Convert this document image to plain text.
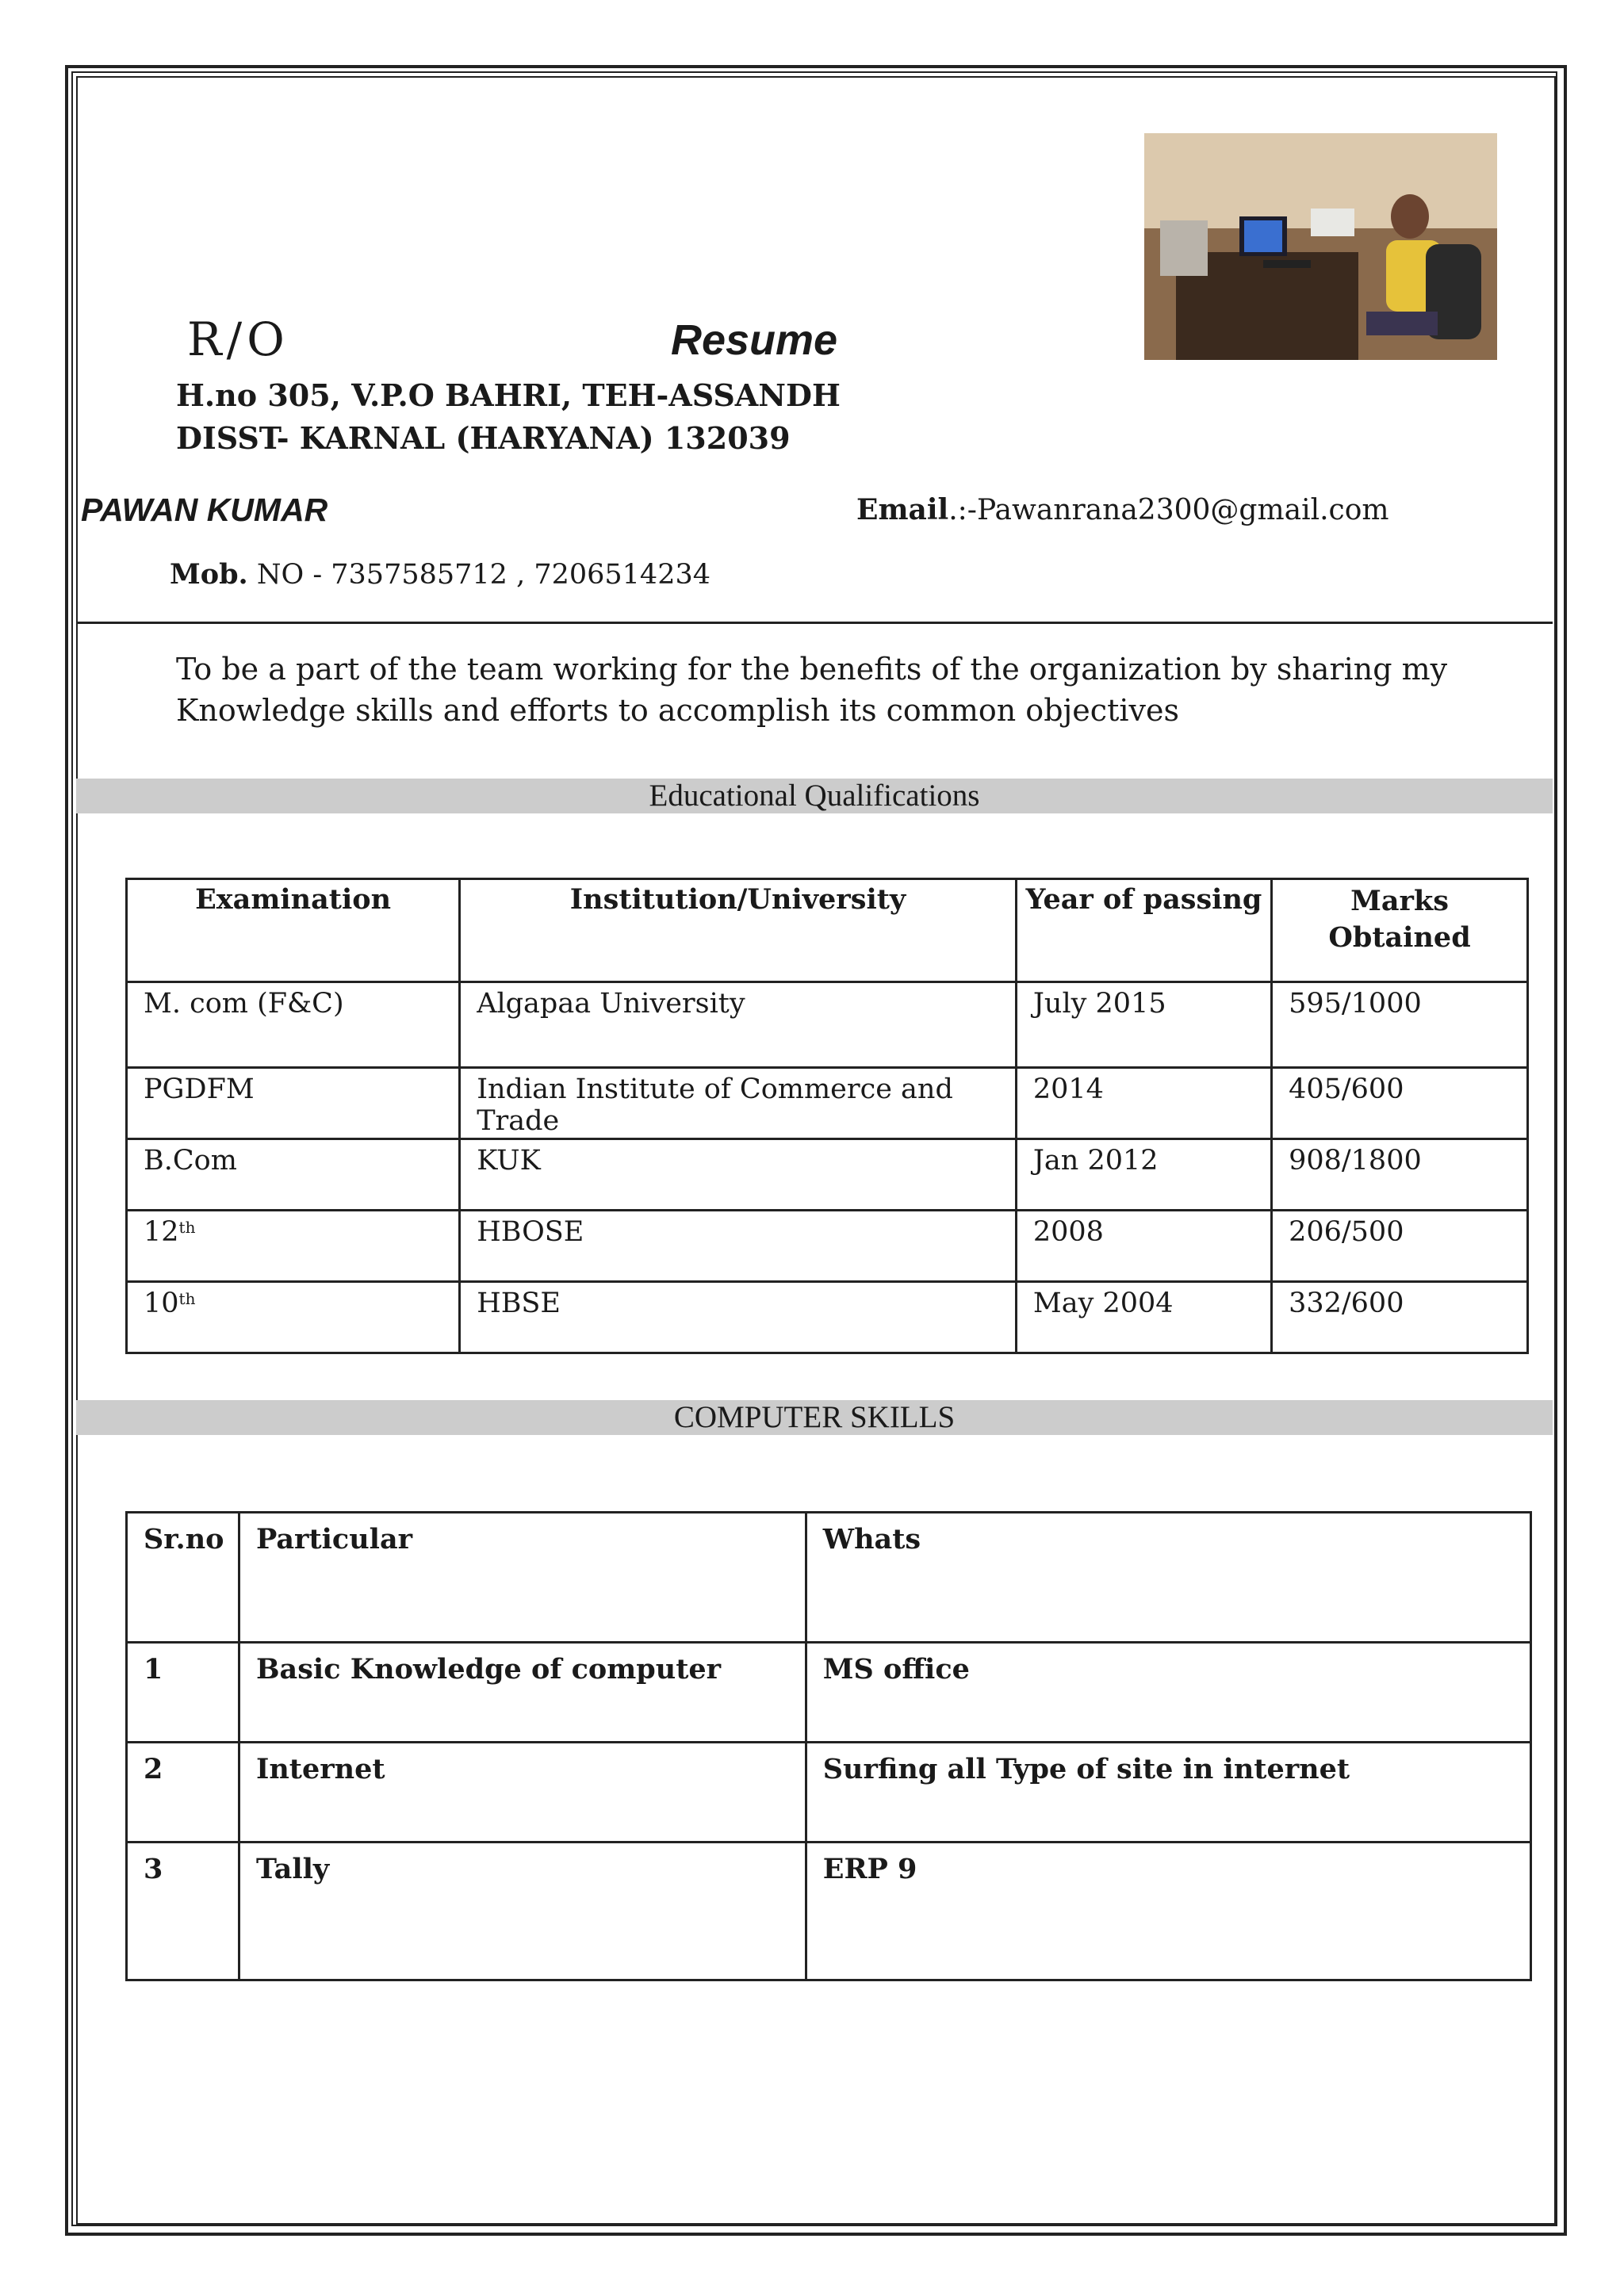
R/O	Resume
H.no 305, V.P.O BAHRI, TEH-ASSANDH
DISST- KARNAL (HARYANA) 132039
PAWAN KUMAR	Email.:-Pawanrana2300@gmail.com
Mob. NO - 7357585712 , 7206514234
To be a part of the team working for the benefits of the organization by sharing my Knowledge skills and efforts to accomplish its common objectives
Educational Qualifications
Examination	Institution/University	Year of passing	Marks Obtained
M. com (F&C)	Algapaa University	July 2015	595/1000
PGDFM	Indian Institute of Commerce and Trade	2014	405/600
B.Com	KUK	Jan 2012	908/1800
12th	HBOSE	2008	206/500
10th	HBSE	May 2004	332/600
COMPUTER SKILLS
Sr.no	Particular	Whats
1	Basic Knowledge of computer	MS office
2	Internet	Surfing all Type of site in internet
3	Tally	ERP 9
